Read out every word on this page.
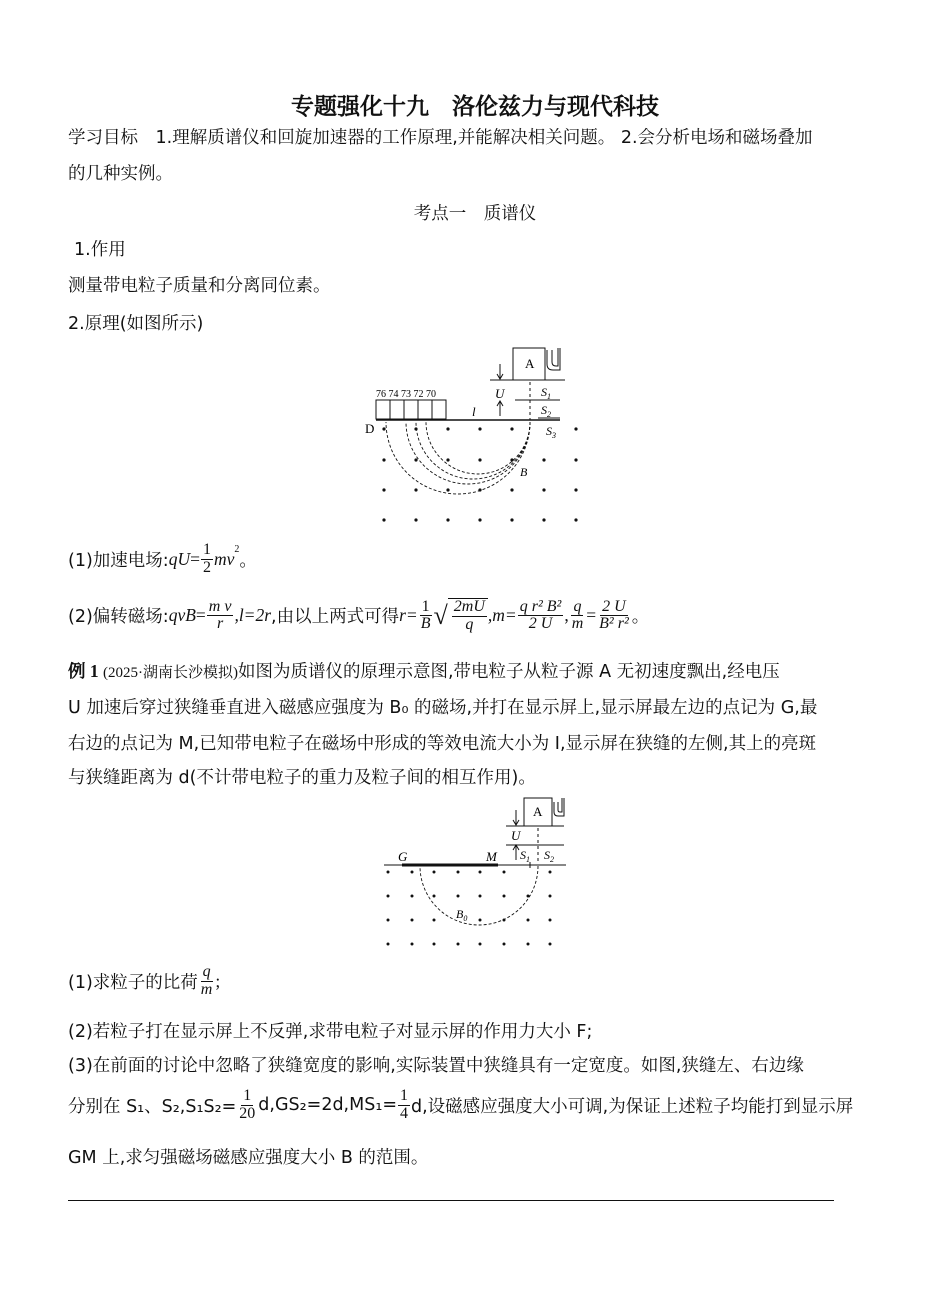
专题强化十九　洛伦兹力与现代科技
学习目标 1.理解质谱仪和回旋加速器的工作原理,并能解决相关问题。 2.会分析电场和磁场叠加
的几种实例。
考点一　质谱仪
1.作用
测量带电粒子质量和分离同位素。
2.原理(如图所示)
A
U	$S_1$
$S_2$
$S_3$
76 74 73 72 70
l
D
B
(1)加速电场: qU = $\frac{1}{2} mv^2$
。
(2)偏转磁场: qvB = $\frac{\text{m v}}{r} ,l=2r$ ,由以上两式可得 $r= \frac{1}{B}$ √ $\frac{2mU}{q} ,m= \frac{\text{q r² B²}}{2 U}$ , $\frac{q}{m} = \frac{2 U}{\text{B² r²}}$ 。
例 1 (2025·湖南长沙模拟)如图为质谱仪的原理示意图,带电粒子从粒子源 A 无初速度飘出,经电压
U 加速后穿过狭缝垂直进入磁感应强度为 B₀ 的磁场,并打在显示屏上,显示屏最左边的点记为 G,最
右边的点记为 M,已知带电粒子在磁场中形成的等效电流大小为 I,显示屏在狭缝的左侧,其上的亮斑
与狭缝距离为 d(不计带电粒子的重力及粒子间的相互作用)。
A
U
$S_1$ $S_2$
G	M
$B_0$
(1)求粒子的比荷 $\frac{q}{m}$ ;
(2)若粒子打在显示屏上不反弹,求带电粒子对显示屏的作用力大小 F;
(3)在前面的讨论中忽略了狭缝宽度的影响,实际装置中狭缝具有一定宽度。如图,狭缝左、右边缘
分别在 S₁、$S_2,S_1S_2= \frac{1}{20} d,GS_2=2d,MS_1= \frac{1}{4} d$,设磁感应强度大小可调,为保证上述粒子均能打到显示屏
GM 上,求匀强磁场磁感应强度大小 B 的范围。
